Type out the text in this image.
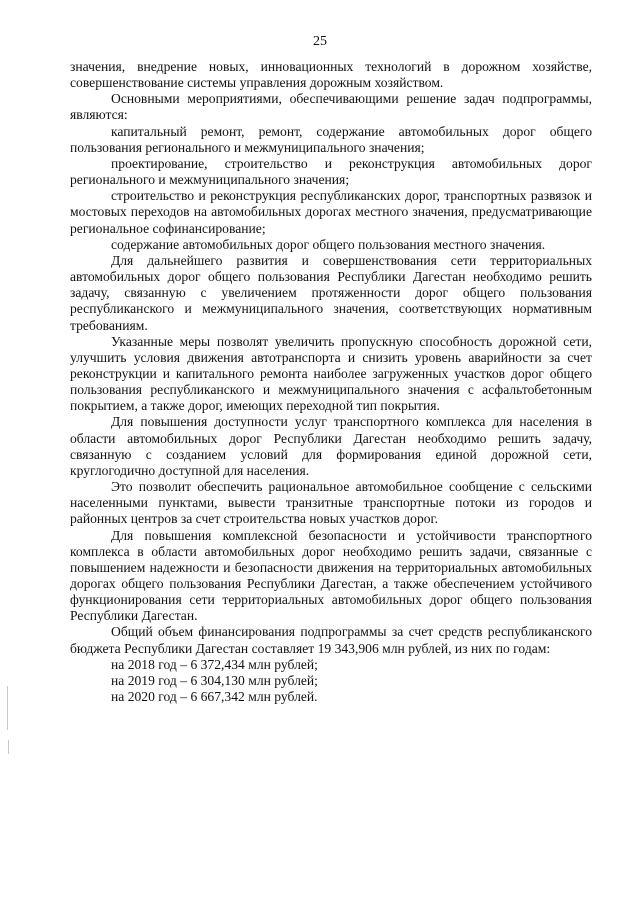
25

значения, внедрение новых, инновационных технологий в дорожном хозяйстве, совершенствование системы управления дорожным хозяйством.

Основными мероприятиями, обеспечивающими решение задач подпрограммы, являются:

капитальный ремонт, ремонт, содержание автомобильных дорог общего пользования регионального и межмуниципального значения;

проектирование, строительство и реконструкция автомобильных дорог регионального и межмуниципального значения;

строительство и реконструкция республиканских дорог, транспортных развязок и мостовых переходов на автомобильных дорогах местного значения, предусматривающие региональное софинансирование;

содержание автомобильных дорог общего пользования местного значения.

Для дальнейшего развития и совершенствования сети территориальных автомобильных дорог общего пользования Республики Дагестан необходимо решить задачу, связанную с увеличением протяженности дорог общего пользования республиканского и межмуниципального значения, соответствующих нормативным требованиям.

Указанные меры позволят увеличить пропускную способность дорожной сети, улучшить условия движения автотранспорта и снизить уровень аварийности за счет реконструкции и капитального ремонта наиболее загруженных участков дорог общего пользования республиканского и межмуниципального значения с асфальтобетонным покрытием, а также дорог, имеющих переходной тип покрытия.

Для повышения доступности услуг транспортного комплекса для населения в области автомобильных дорог Республики Дагестан необходимо решить задачу, связанную с созданием условий для формирования единой дорожной сети, круглогодично доступной для населения.

Это позволит обеспечить рациональное автомобильное сообщение с сельскими населенными пунктами, вывести транзитные транспортные потоки из городов и районных центров за счет строительства новых участков дорог.

Для повышения комплексной безопасности и устойчивости транспортного комплекса в области автомобильных дорог необходимо решить задачи, связанные с повышением надежности и безопасности движения на территориальных автомобильных дорогах общего пользования Республики Дагестан, а также обеспечением устойчивого функционирования сети территориальных автомобильных дорог общего пользования Республики Дагестан.

Общий объем финансирования подпрограммы за счет средств республиканского бюджета Республики Дагестан составляет 19 343,906 млн рублей, из них по годам:

на 2018 год – 6 372,434 млн рублей;

на 2019 год – 6 304,130 млн рублей;

на 2020 год – 6 667,342 млн рублей.
